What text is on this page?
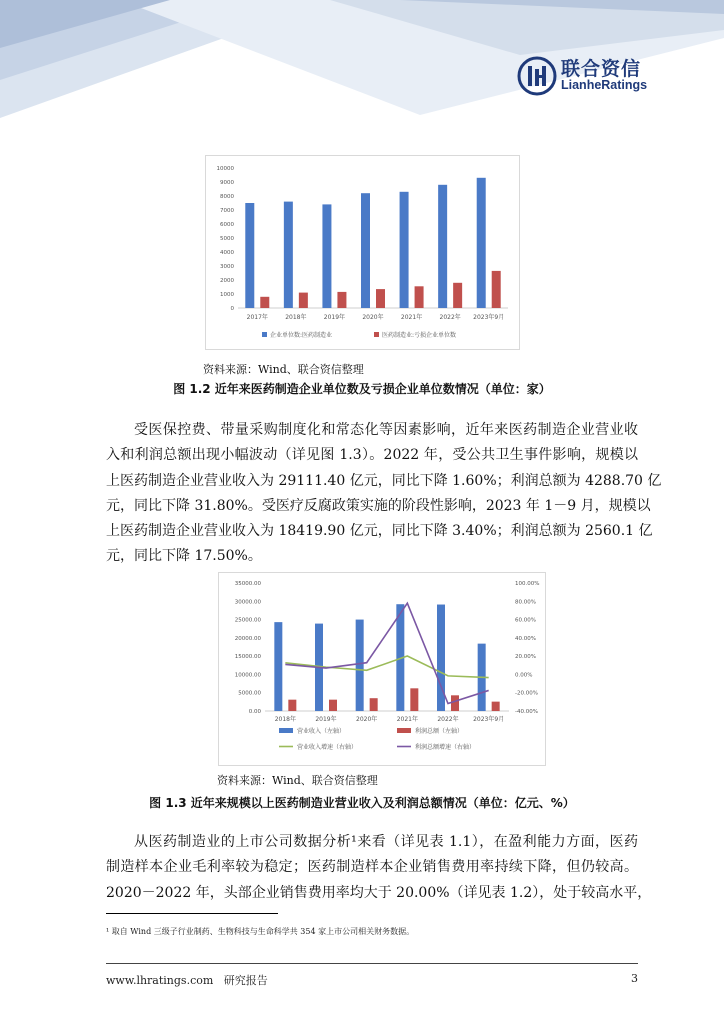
联合资信
LianheRatings
0
1000
2000
3000
4000
5000
6000
7000
8000
9000
10000
2017年	2018年	2019年	2020年	2021年	2022年 2023年9月
企业单位数:医药制造业	医药制造业:亏损企业单位数
资料来源：Wind、联合资信整理
图 1.2 近年来医药制造企业单位数及亏损企业单位数情况（单位：家）
受医保控费、带量采购制度化和常态化等因素影响，近年来医药制造企业营业收
入和利润总额出现小幅波动（详见图 1.3）。2022 年，受公共卫生事件影响，规模以
上医药制造企业营业收入为 29111.40 亿元，同比下降 1.60%；利润总额为 4288.70 亿
元，同比下降 31.80%。受医疗反腐政策实施的阶段性影响，2023 年 1－9 月，规模以
上医药制造企业营业收入为 18419.90 亿元，同比下降 3.40%；利润总额为 2560.1 亿
元，同比下降 17.50%。
0.00
5000.00
10000.00
15000.00
20000.00
25000.00
30000.00
35000.00
-40.00%
-20.00%
0.00%
20.00%
40.00%
60.00%
80.00%
100.00%
2018年	2019年	2020年	2021年	2022年 2023年9月
营业收入（左轴）	利润总额（左轴）
营业收入增速（右轴）	利润总额增速（右轴）
资料来源：Wind、联合资信整理
图 1.3 近年来规模以上医药制造业营业收入及利润总额情况（单位：亿元、%）
从医药制造业的上市公司数据分析¹来看（详见表 1.1），在盈利能力方面，医药
制造样本企业毛利率较为稳定；医药制造样本企业销售费用率持续下降，但仍较高。
2020－2022 年，头部企业销售费用率均大于 20.00%（详见表 1.2），处于较高水平，
¹ 取自 Wind 三级子行业制药、生物科技与生命科学共 354 家上市公司相关财务数据。
www.lhratings.com 研究报告	3
